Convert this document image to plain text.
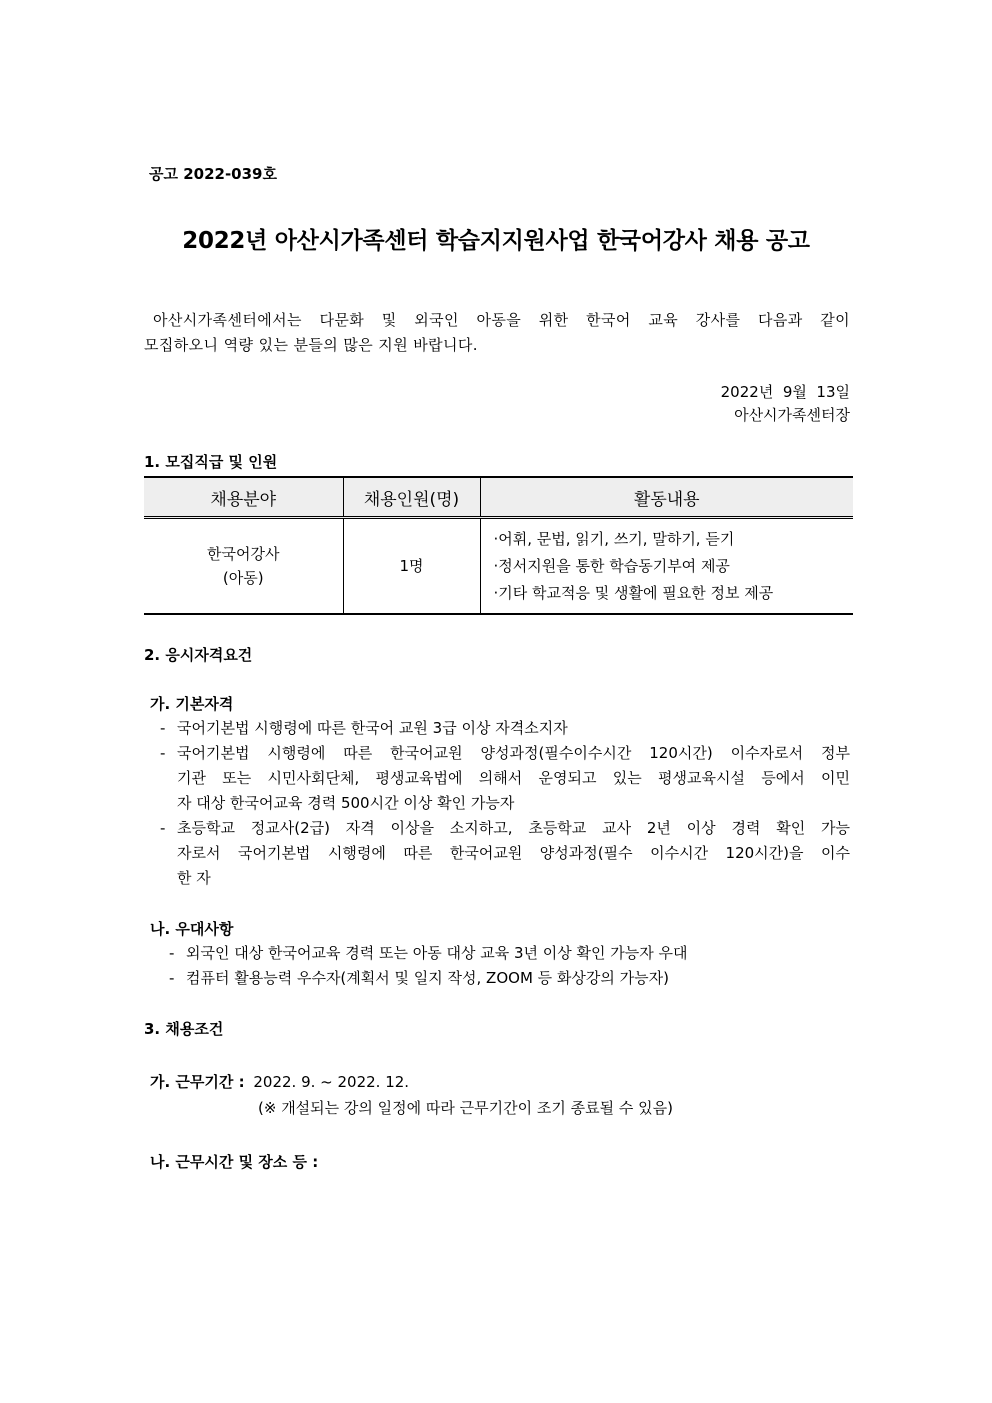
공고 2022-039호
2022년 아산시가족센터 학습지지원사업 한국어강사 채용 공고
아산시가족센터에서는 다문화 및 외국인 아동을 위한 한국어 교육 강사를 다음과 같이
모집하오니 역량 있는 분들의 많은 지원 바랍니다.
2022년  9월  13일
아산시가족센터장
1. 모집직급 및 인원
채용분야	채용인원(명)	활동내용

한국어강사
(아동)	1명	·어휘, 문법, 읽기, 쓰기, 말하기, 듣기
·정서지원을 통한 학습동기부여 제공
·기타 학교적응 및 생활에 필요한 정보 제공
2. 응시자격요건
가. 기본자격
- 국어기본법 시행령에 따른 한국어 교원 3급 이상 자격소지자
- 국어기본법 시행령에 따른 한국어교원 양성과정(필수이수시간 120시간) 이수자로서 정부
기관 또는 시민사회단체, 평생교육법에 의해서 운영되고 있는 평생교육시설 등에서 이민
자 대상 한국어교육 경력 500시간 이상 확인 가능자
- 초등학교 정교사(2급) 자격 이상을 소지하고, 초등학교 교사 2년 이상 경력 확인 가능
자로서 국어기본법 시행령에 따른 한국어교원 양성과정(필수 이수시간 120시간)을 이수
한 자
나. 우대사항
- 외국인 대상 한국어교육 경력 또는 아동 대상 교육 3년 이상 확인 가능자 우대
- 컴퓨터 활용능력 우수자(계획서 및 일지 작성, ZOOM 등 화상강의 가능자)
3. 채용조건
가. 근무기간 : 2022. 9. ~ 2022. 12.
(※ 개설되는 강의 일정에 따라 근무기간이 조기 종료될 수 있음)
나. 근무시간 및 장소 등 :
